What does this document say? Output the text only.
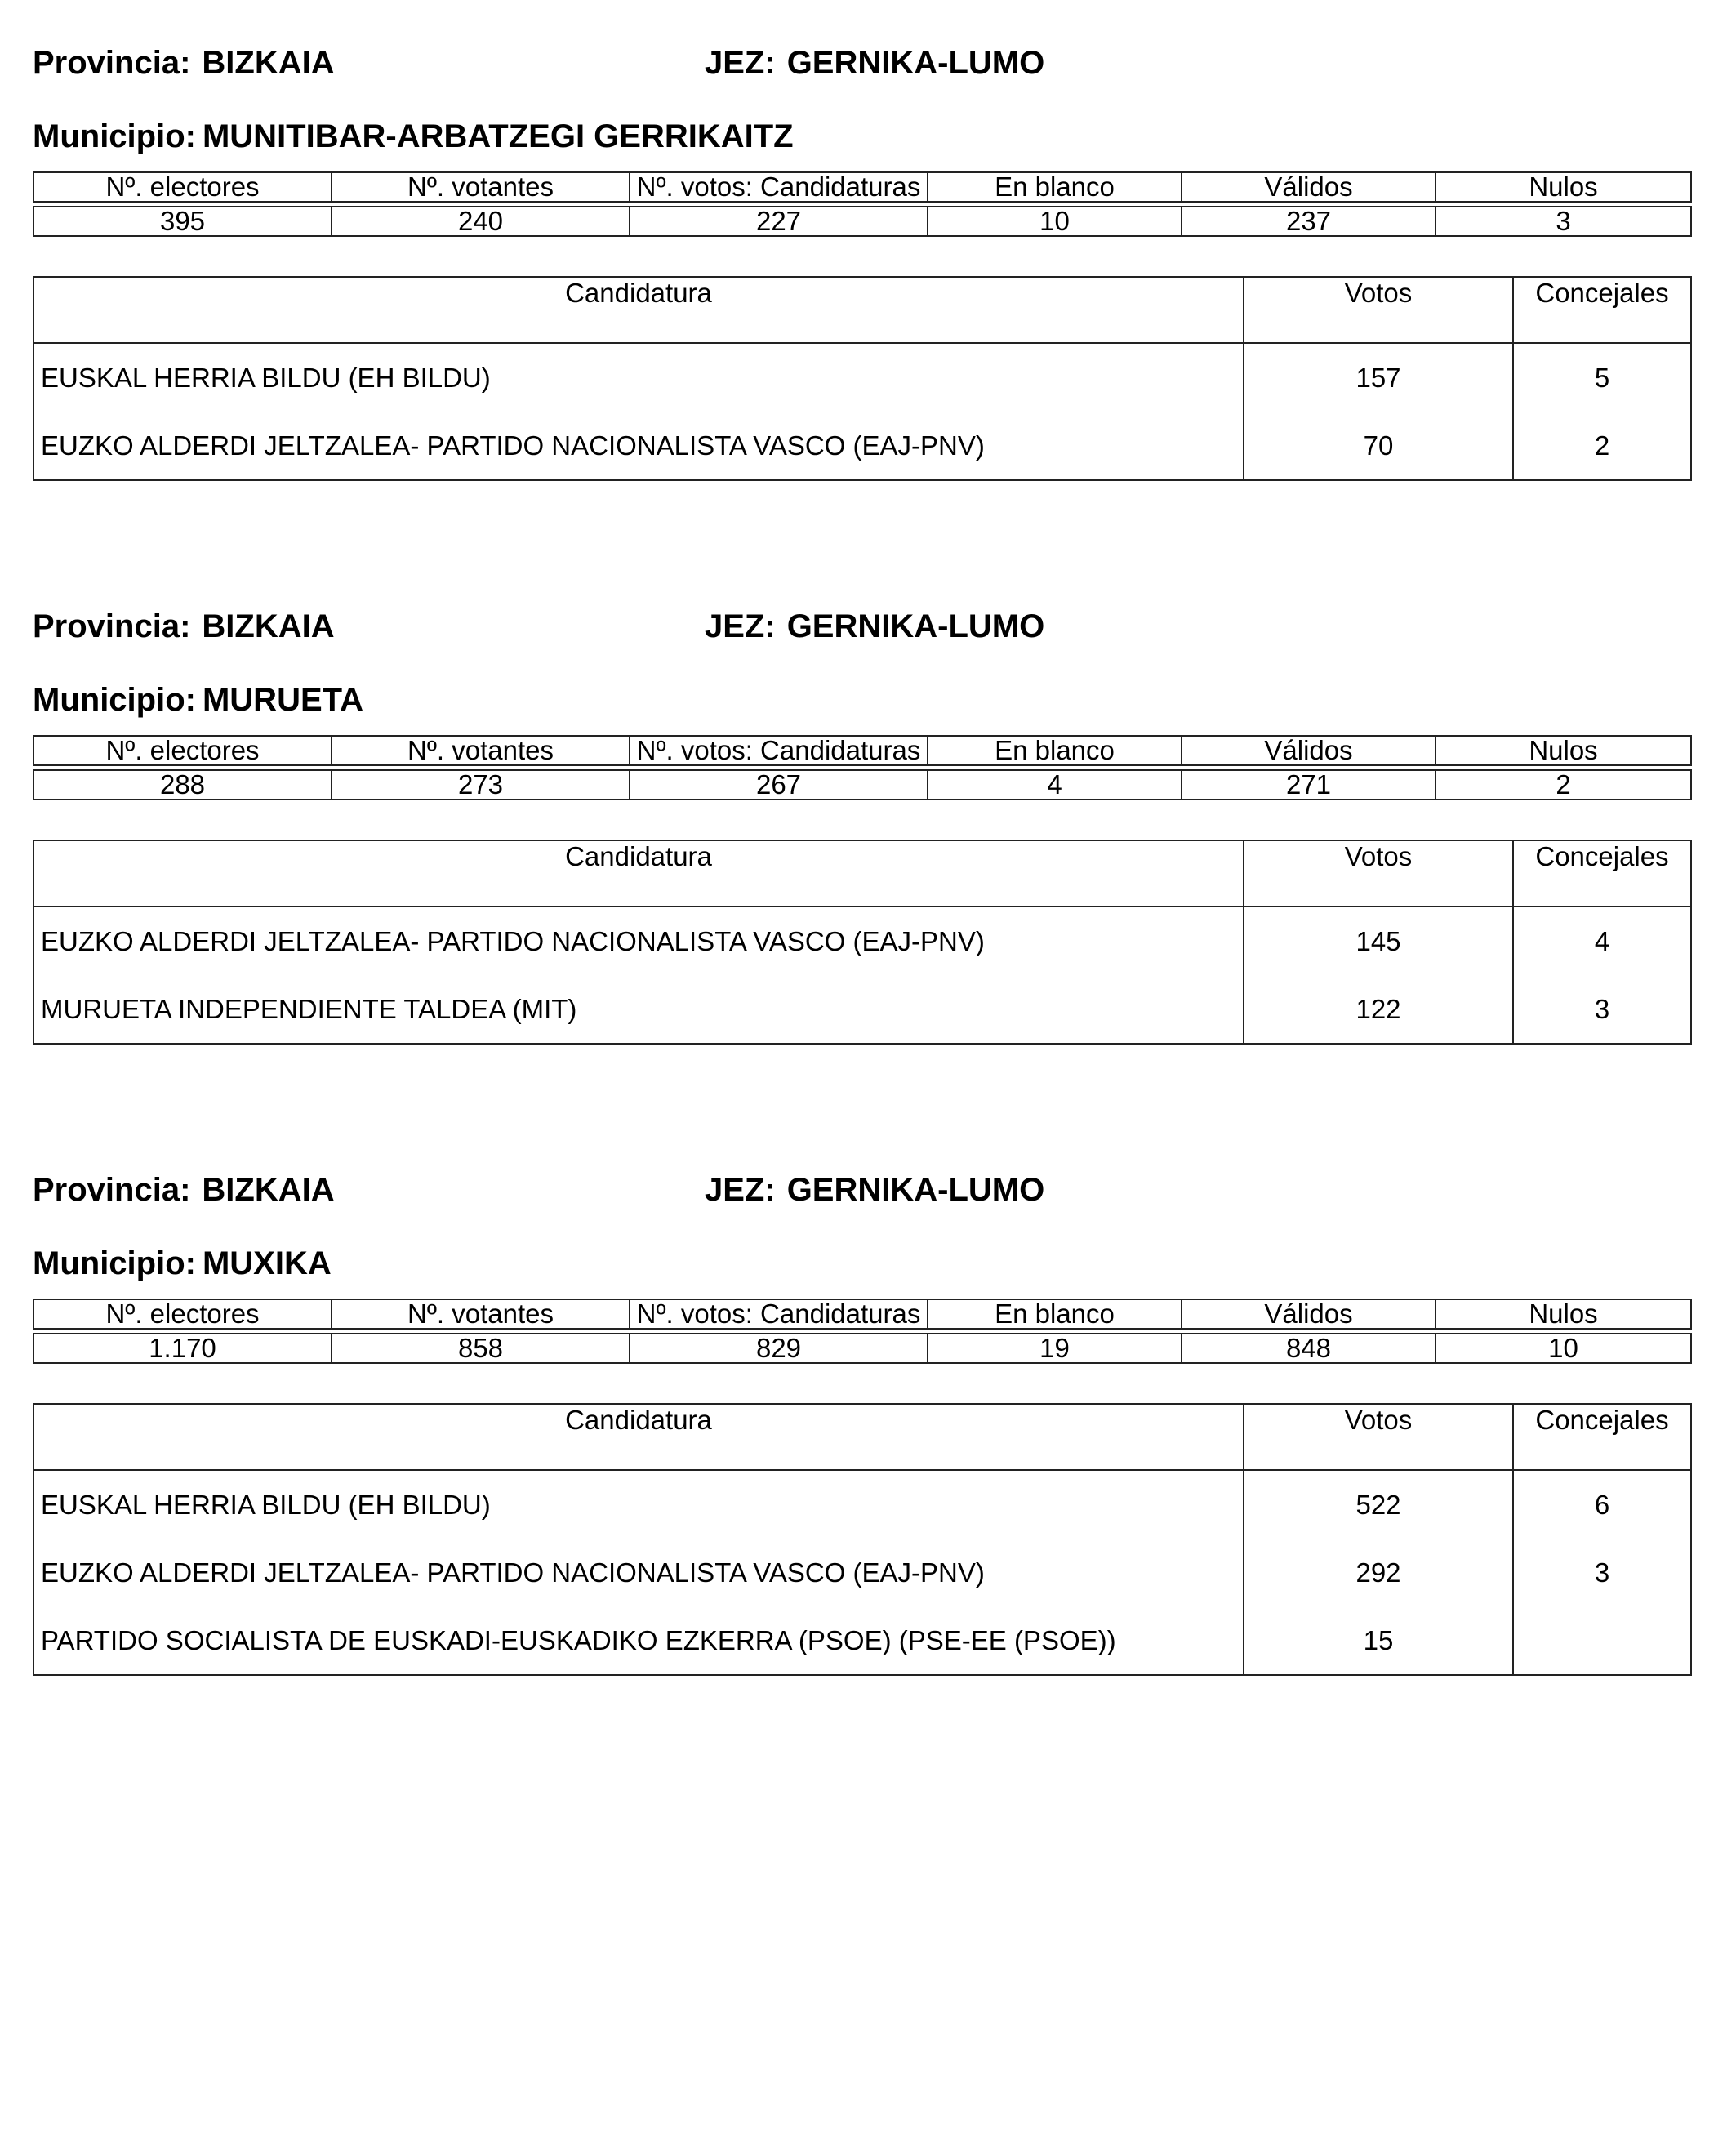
Provincia: BIZKAIA	JEZ: GERNIKA-LUMO
Municipio: MUNITIBAR-ARBATZEGI GERRIKAITZ
Nº. electores	Nº. votantes	Nº. votos: Candidaturas	En blanco	Válidos	Nulos

395	240	227	10	237	3
Candidatura	Votos	Concejales
EUSKAL HERRIA BILDU (EH BILDU)	157	5
EUZKO ALDERDI JELTZALEA- PARTIDO NACIONALISTA VASCO (EAJ-PNV)	70	2
Provincia: BIZKAIA	JEZ: GERNIKA-LUMO
Municipio: MURUETA
Nº. electores	Nº. votantes	Nº. votos: Candidaturas	En blanco	Válidos	Nulos

288	273	267	4	271	2
Candidatura	Votos	Concejales
EUZKO ALDERDI JELTZALEA- PARTIDO NACIONALISTA VASCO (EAJ-PNV)	145	4
MURUETA INDEPENDIENTE TALDEA (MIT)	122	3
Provincia: BIZKAIA	JEZ: GERNIKA-LUMO
Municipio: MUXIKA
Nº. electores	Nº. votantes	Nº. votos: Candidaturas	En blanco	Válidos	Nulos

1.170	858	829	19	848	10
Candidatura	Votos	Concejales
EUSKAL HERRIA BILDU (EH BILDU)	522	6
EUZKO ALDERDI JELTZALEA- PARTIDO NACIONALISTA VASCO (EAJ-PNV)	292	3
PARTIDO SOCIALISTA DE EUSKADI-EUSKADIKO EZKERRA (PSOE) (PSE-EE (PSOE))	15	
